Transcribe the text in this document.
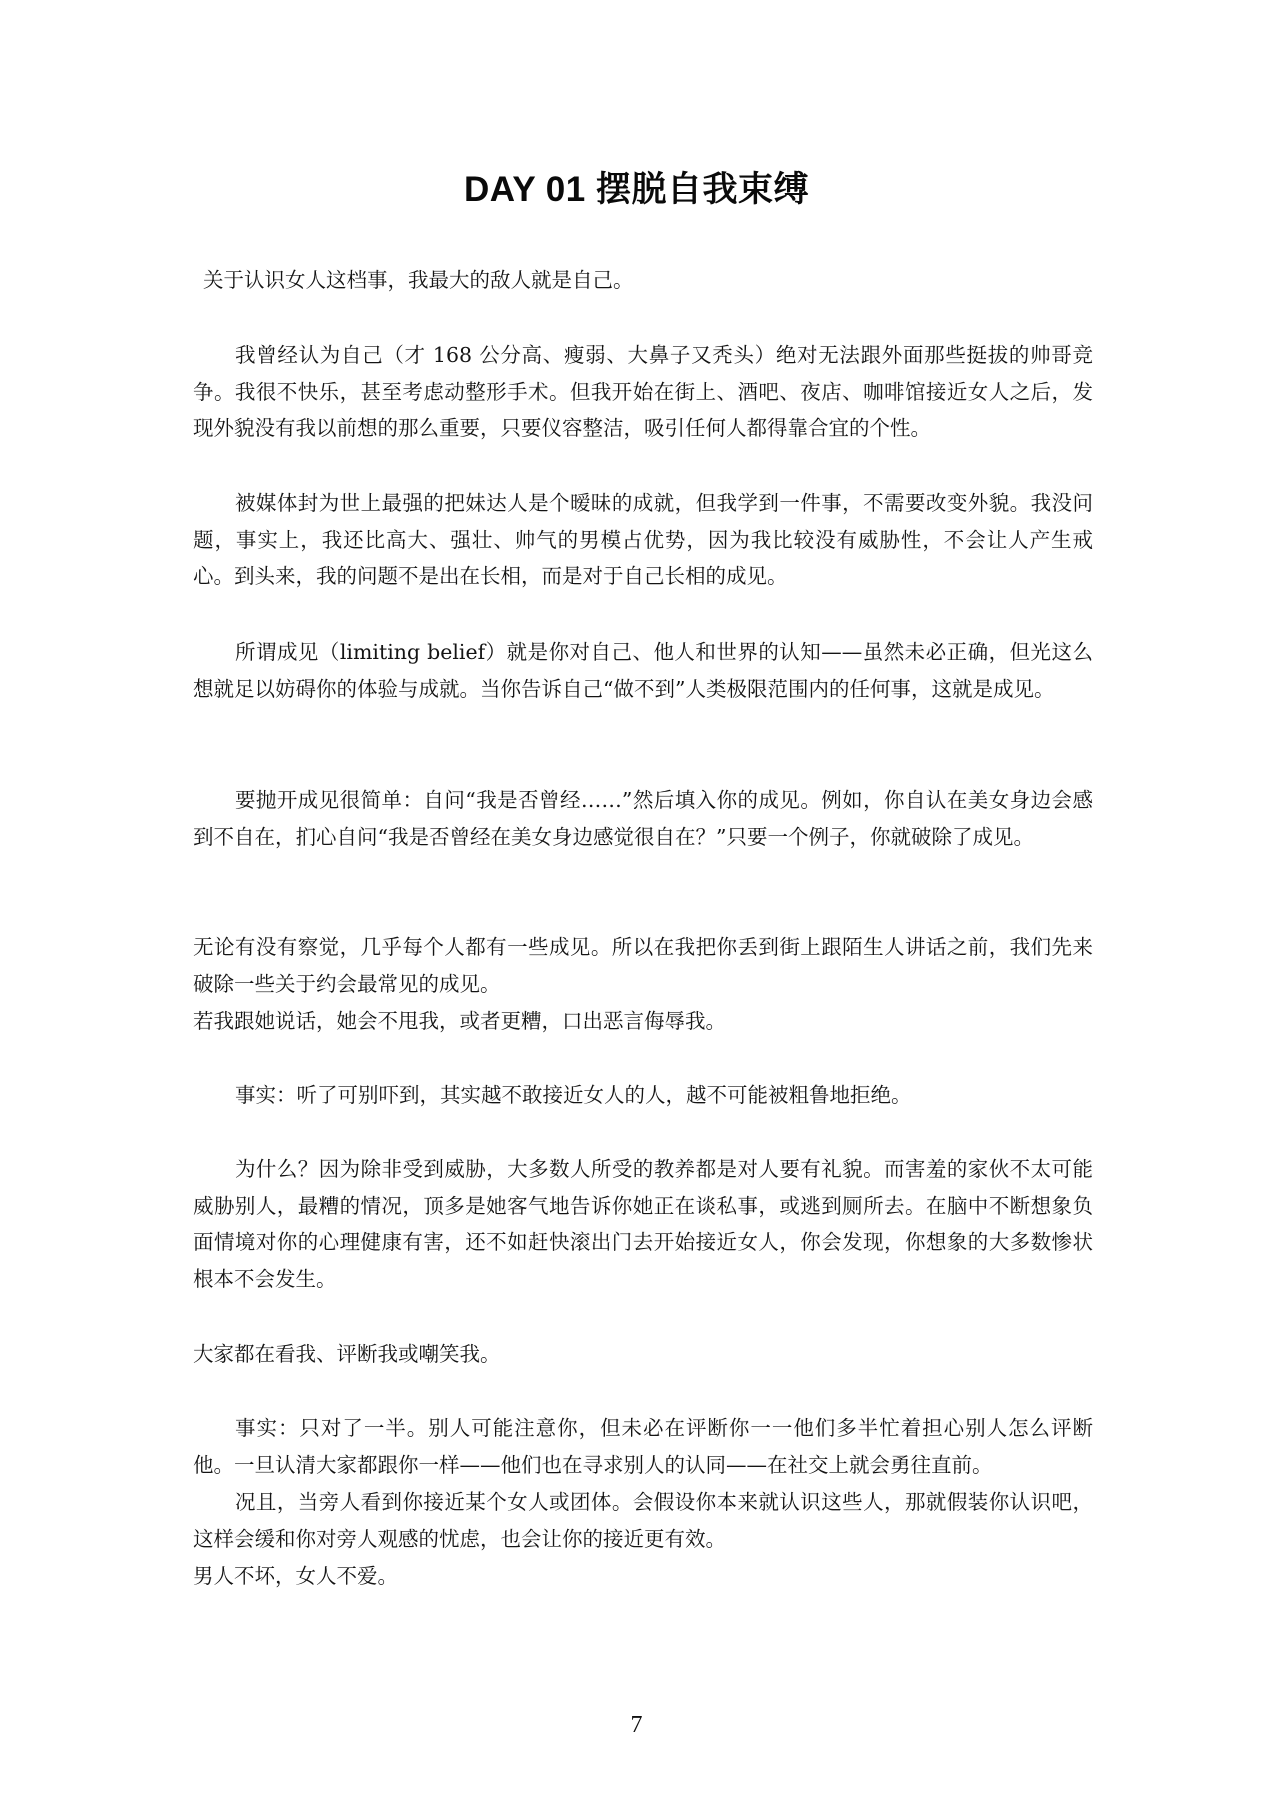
DAY 01 摆脱自我束缚

关于认识女人这档事，我最大的敌人就是自己。

我曾经认为自己（才 168 公分高、瘦弱、大鼻子又秃头）绝对无法跟外面那些挺拔的帅哥竞争。我很不快乐，甚至考虑动整形手术。但我开始在街上、酒吧、夜店、咖啡馆接近女人之后，发现外貌没有我以前想的那么重要，只要仪容整洁，吸引任何人都得靠合宜的个性。

被媒体封为世上最强的把妹达人是个暧昧的成就，但我学到一件事，不需要改变外貌。我没问题，事实上，我还比高大、强壮、帅气的男模占优势，因为我比较没有威胁性，不会让人产生戒心。到头来，我的问题不是出在长相，而是对于自己长相的成见。

所谓成见（limiting belief）就是你对自己、他人和世界的认知——虽然未必正确，但光这么想就足以妨碍你的体验与成就。当你告诉自己“做不到”人类极限范围内的任何事，这就是成见。

要抛开成见很简单：自问“我是否曾经……”然后填入你的成见。例如，你自认在美女身边会感到不自在，扪心自问“我是否曾经在美女身边感觉很自在？”只要一个例子，你就破除了成见。

无论有没有察觉，几乎每个人都有一些成见。所以在我把你丢到街上跟陌生人讲话之前，我们先来破除一些关于约会最常见的成见。

若我跟她说话，她会不甩我，或者更糟，口出恶言侮辱我。

事实：听了可别吓到，其实越不敢接近女人的人，越不可能被粗鲁地拒绝。

为什么？因为除非受到威胁，大多数人所受的教养都是对人要有礼貌。而害羞的家伙不太可能威胁别人，最糟的情况，顶多是她客气地告诉你她正在谈私事，或逃到厕所去。在脑中不断想象负面情境对你的心理健康有害，还不如赶快滚出门去开始接近女人，你会发现，你想象的大多数惨状根本不会发生。

大家都在看我、评断我或嘲笑我。

事实：只对了一半。别人可能注意你，但未必在评断你一一他们多半忙着担心别人怎么评断他。一旦认清大家都跟你一样——他们也在寻求别人的认同——在社交上就会勇往直前。

况且，当旁人看到你接近某个女人或团体。会假设你本来就认识这些人，那就假装你认识吧，这样会缓和你对旁人观感的忧虑，也会让你的接近更有效。

男人不坏，女人不爱。

7
